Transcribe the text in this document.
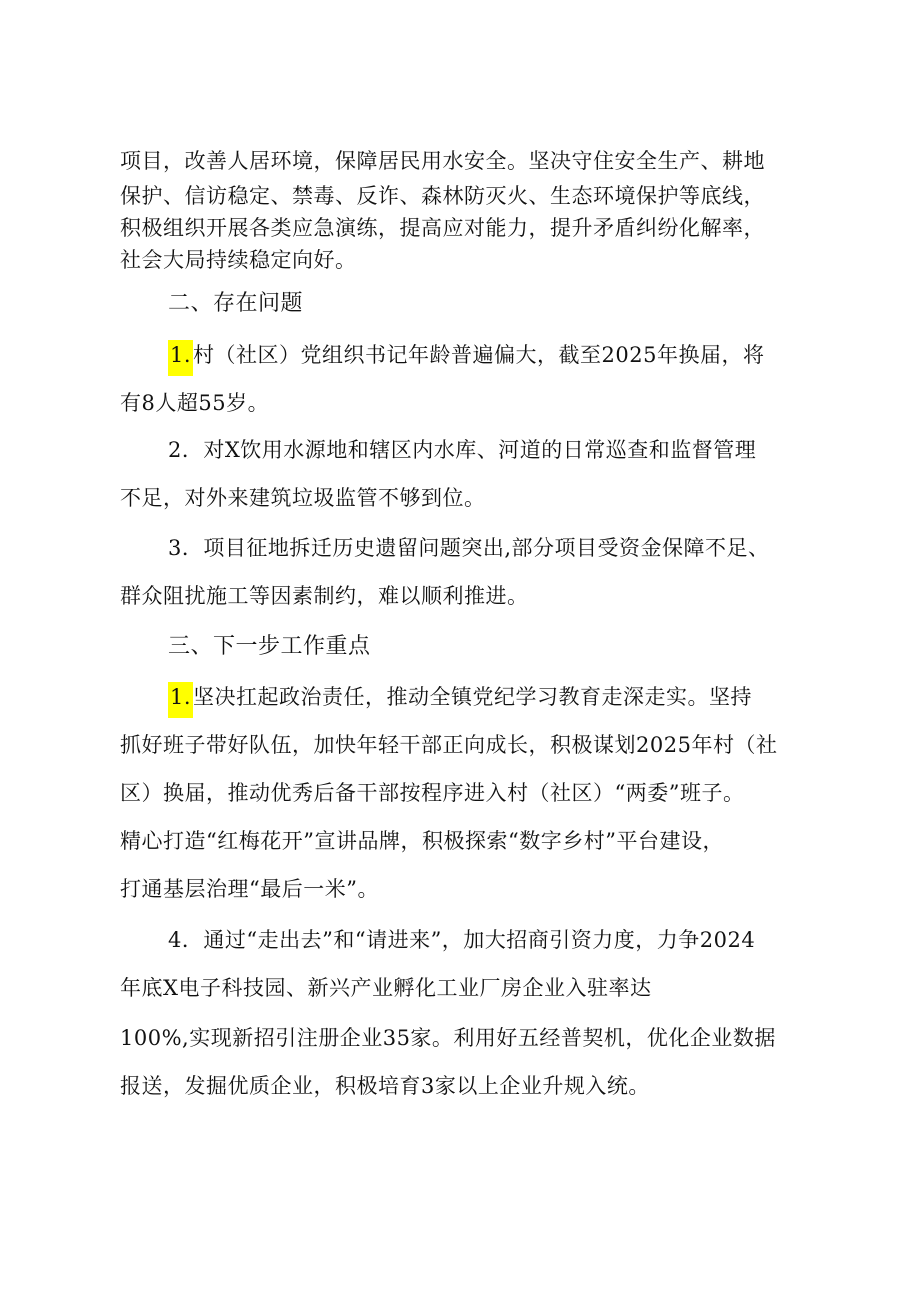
项目，改善人居环境，保障居民用水安全。坚决守住安全生产、耕地
保护、信访稳定、禁毒、反诈、森林防灭火、生态环境保护等底线，
积极组织开展各类应急演练，提高应对能力，提升矛盾纠纷化解率，
社会大局持续稳定向好。
二、存在问题
1.村（社区）党组织书记年龄普遍偏大，截至2025年换届，将
有8人超55岁。
2．对X饮用水源地和辖区内水库、河道的日常巡查和监督管理
不足，对外来建筑垃圾监管不够到位。
3．项目征地拆迁历史遗留问题突出,部分项目受资金保障不足、
群众阻扰施工等因素制约，难以顺利推进。
三、下一步工作重点
1.坚决扛起政治责任，推动全镇党纪学习教育走深走实。坚持
抓好班子带好队伍，加快年轻干部正向成长，积极谋划2025年村（社
区）换届，推动优秀后备干部按程序进入村（社区）“两委”班子。
精心打造“红梅花开”宣讲品牌，积极探索“数字乡村”平台建设，
打通基层治理“最后一米”。
4．通过“走出去”和“请进来”，加大招商引资力度，力争2024
年底X电子科技园、新兴产业孵化工业厂房企业入驻率达
100%,实现新招引注册企业35家。利用好五经普契机，优化企业数据
报送，发掘优质企业，积极培育3家以上企业升规入统。
